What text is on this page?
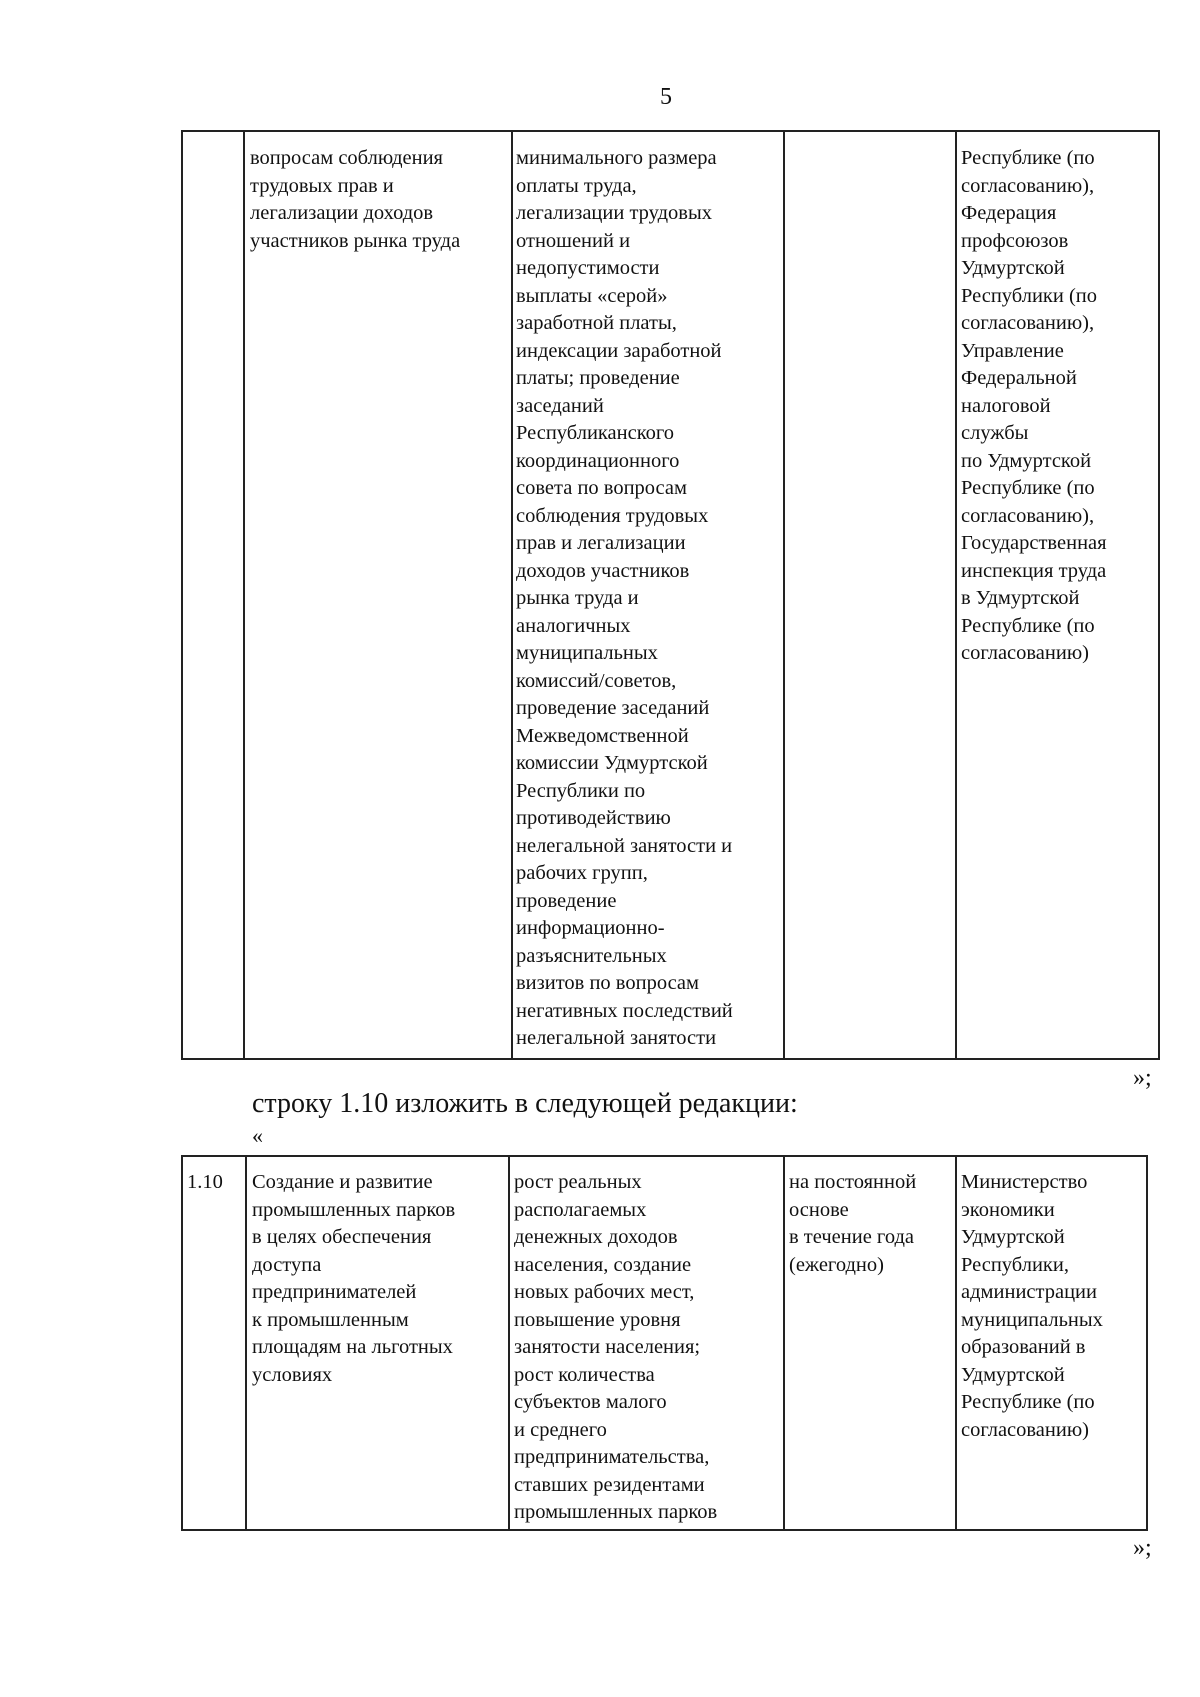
5
вопросам соблюдения
трудовых прав и
легализации доходов
участников рынка труда
минимального размера
оплаты труда,
легализации трудовых
отношений и
недопустимости
выплаты «серой»
заработной платы,
индексации заработной
платы; проведение
заседаний
Республиканского
координационного
совета по вопросам
соблюдения трудовых
прав и легализации
доходов участников
рынка труда и
аналогичных
муниципальных
комиссий/советов,
проведение заседаний
Межведомственной
комиссии Удмуртской
Республики по
противодействию
нелегальной занятости и
рабочих групп,
проведение
информационно-
разъяснительных
визитов по вопросам
негативных последствий
нелегальной занятости
Республике (по
согласованию),
Федерация
профсоюзов
Удмуртской
Республики (по
согласованию),
Управление
Федеральной
налоговой
службы
по Удмуртской
Республике (по
согласованию),
Государственная
инспекция труда
в Удмуртской
Республике (по
согласованию)
»;
строку 1.10 изложить в следующей редакции:
«
1.10	Создание и развитие
промышленных парков
в целях обеспечения
доступа
предпринимателей
к промышленным
площадям на льготных
условиях
рост реальных
располагаемых
денежных доходов
населения, создание
новых рабочих мест,
повышение уровня
занятости населения;
рост количества
субъектов малого
и среднего
предпринимательства,
ставших резидентами
промышленных парков
на постоянной
основе
в течение года
(ежегодно)
Министерство
экономики
Удмуртской
Республики,
администрации
муниципальных
образований в
Удмуртской
Республике (по
согласованию)
»;
